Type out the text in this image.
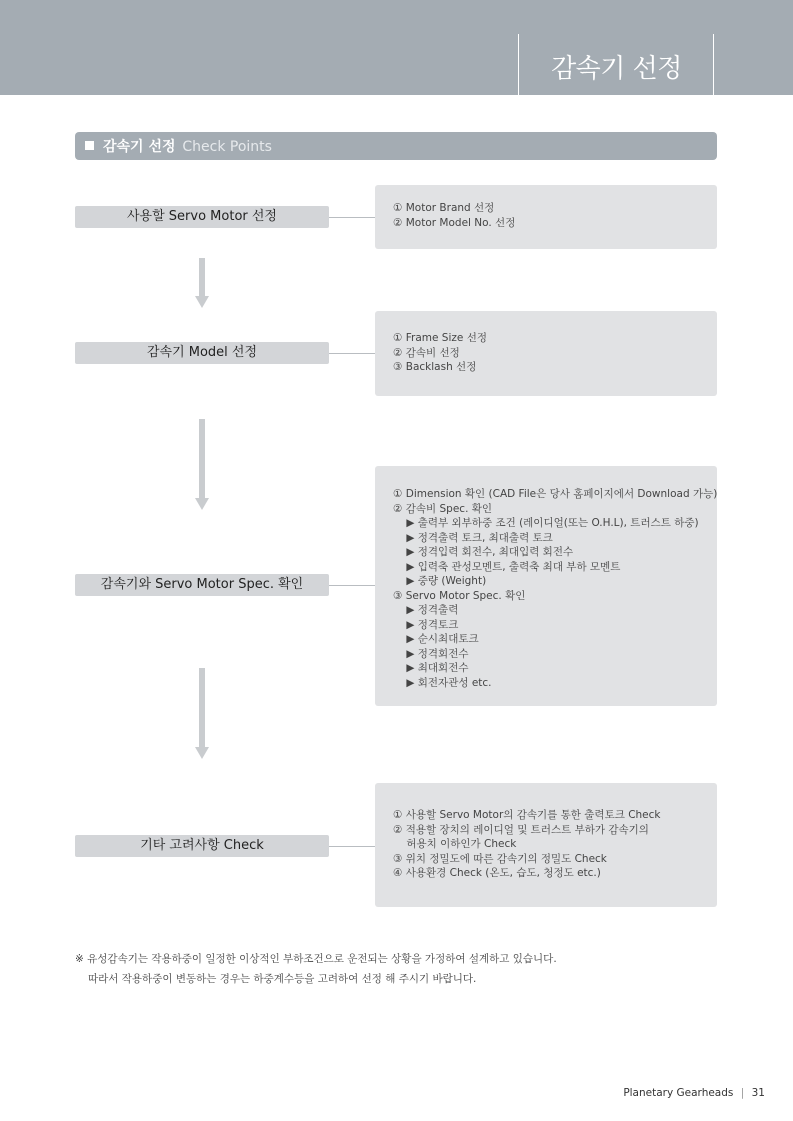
감속기 선정
감속기 선정 Check Points
① Motor Brand 선정
② Motor Model No. 선정
사용할 Servo Motor 선정
① Frame Size 선정
② 감속비 선정
③ Backlash 선정
감속기 Model 선정
① Dimension 확인 (CAD File은 당사 홈페이지에서 Download 가능)
② 감속비 Spec. 확인
▶ 출력부 외부하중 조건 (레이디얼(또는 O.H.L), 트러스트 하중)
▶ 정격출력 토크, 최대출력 토크
▶ 정격입력 회전수, 최대입력 회전수
▶ 입력축 관성모멘트, 출력축 최대 부하 모멘트
▶ 중량 (Weight)
③ Servo Motor Spec. 확인
▶ 정격출력
▶ 정격토크
▶ 순시최대토크
▶ 정격회전수
▶ 최대회전수
▶ 회전자관성 etc.
감속기와 Servo Motor Spec. 확인
① 사용할 Servo Motor의 감속기를 통한 출력토크 Check
② 적용할 장치의 레이디얼 및 트러스트 부하가 감속기의
허용치 이하인가 Check
③ 위치 정밀도에 따른 감속기의 정밀도 Check
④ 사용환경 Check (온도, 습도, 청정도 etc.)
기타 고려사항 Check
※ 유성감속기는 작용하중이 일정한 이상적인 부하조건으로 운전되는 상황을 가정하여 설계하고 있습니다.
따라서 작용하중이 변동하는 경우는 하중계수등을 고려하여 선정 해 주시기 바랍니다.
Planetary Gearheads | 31
